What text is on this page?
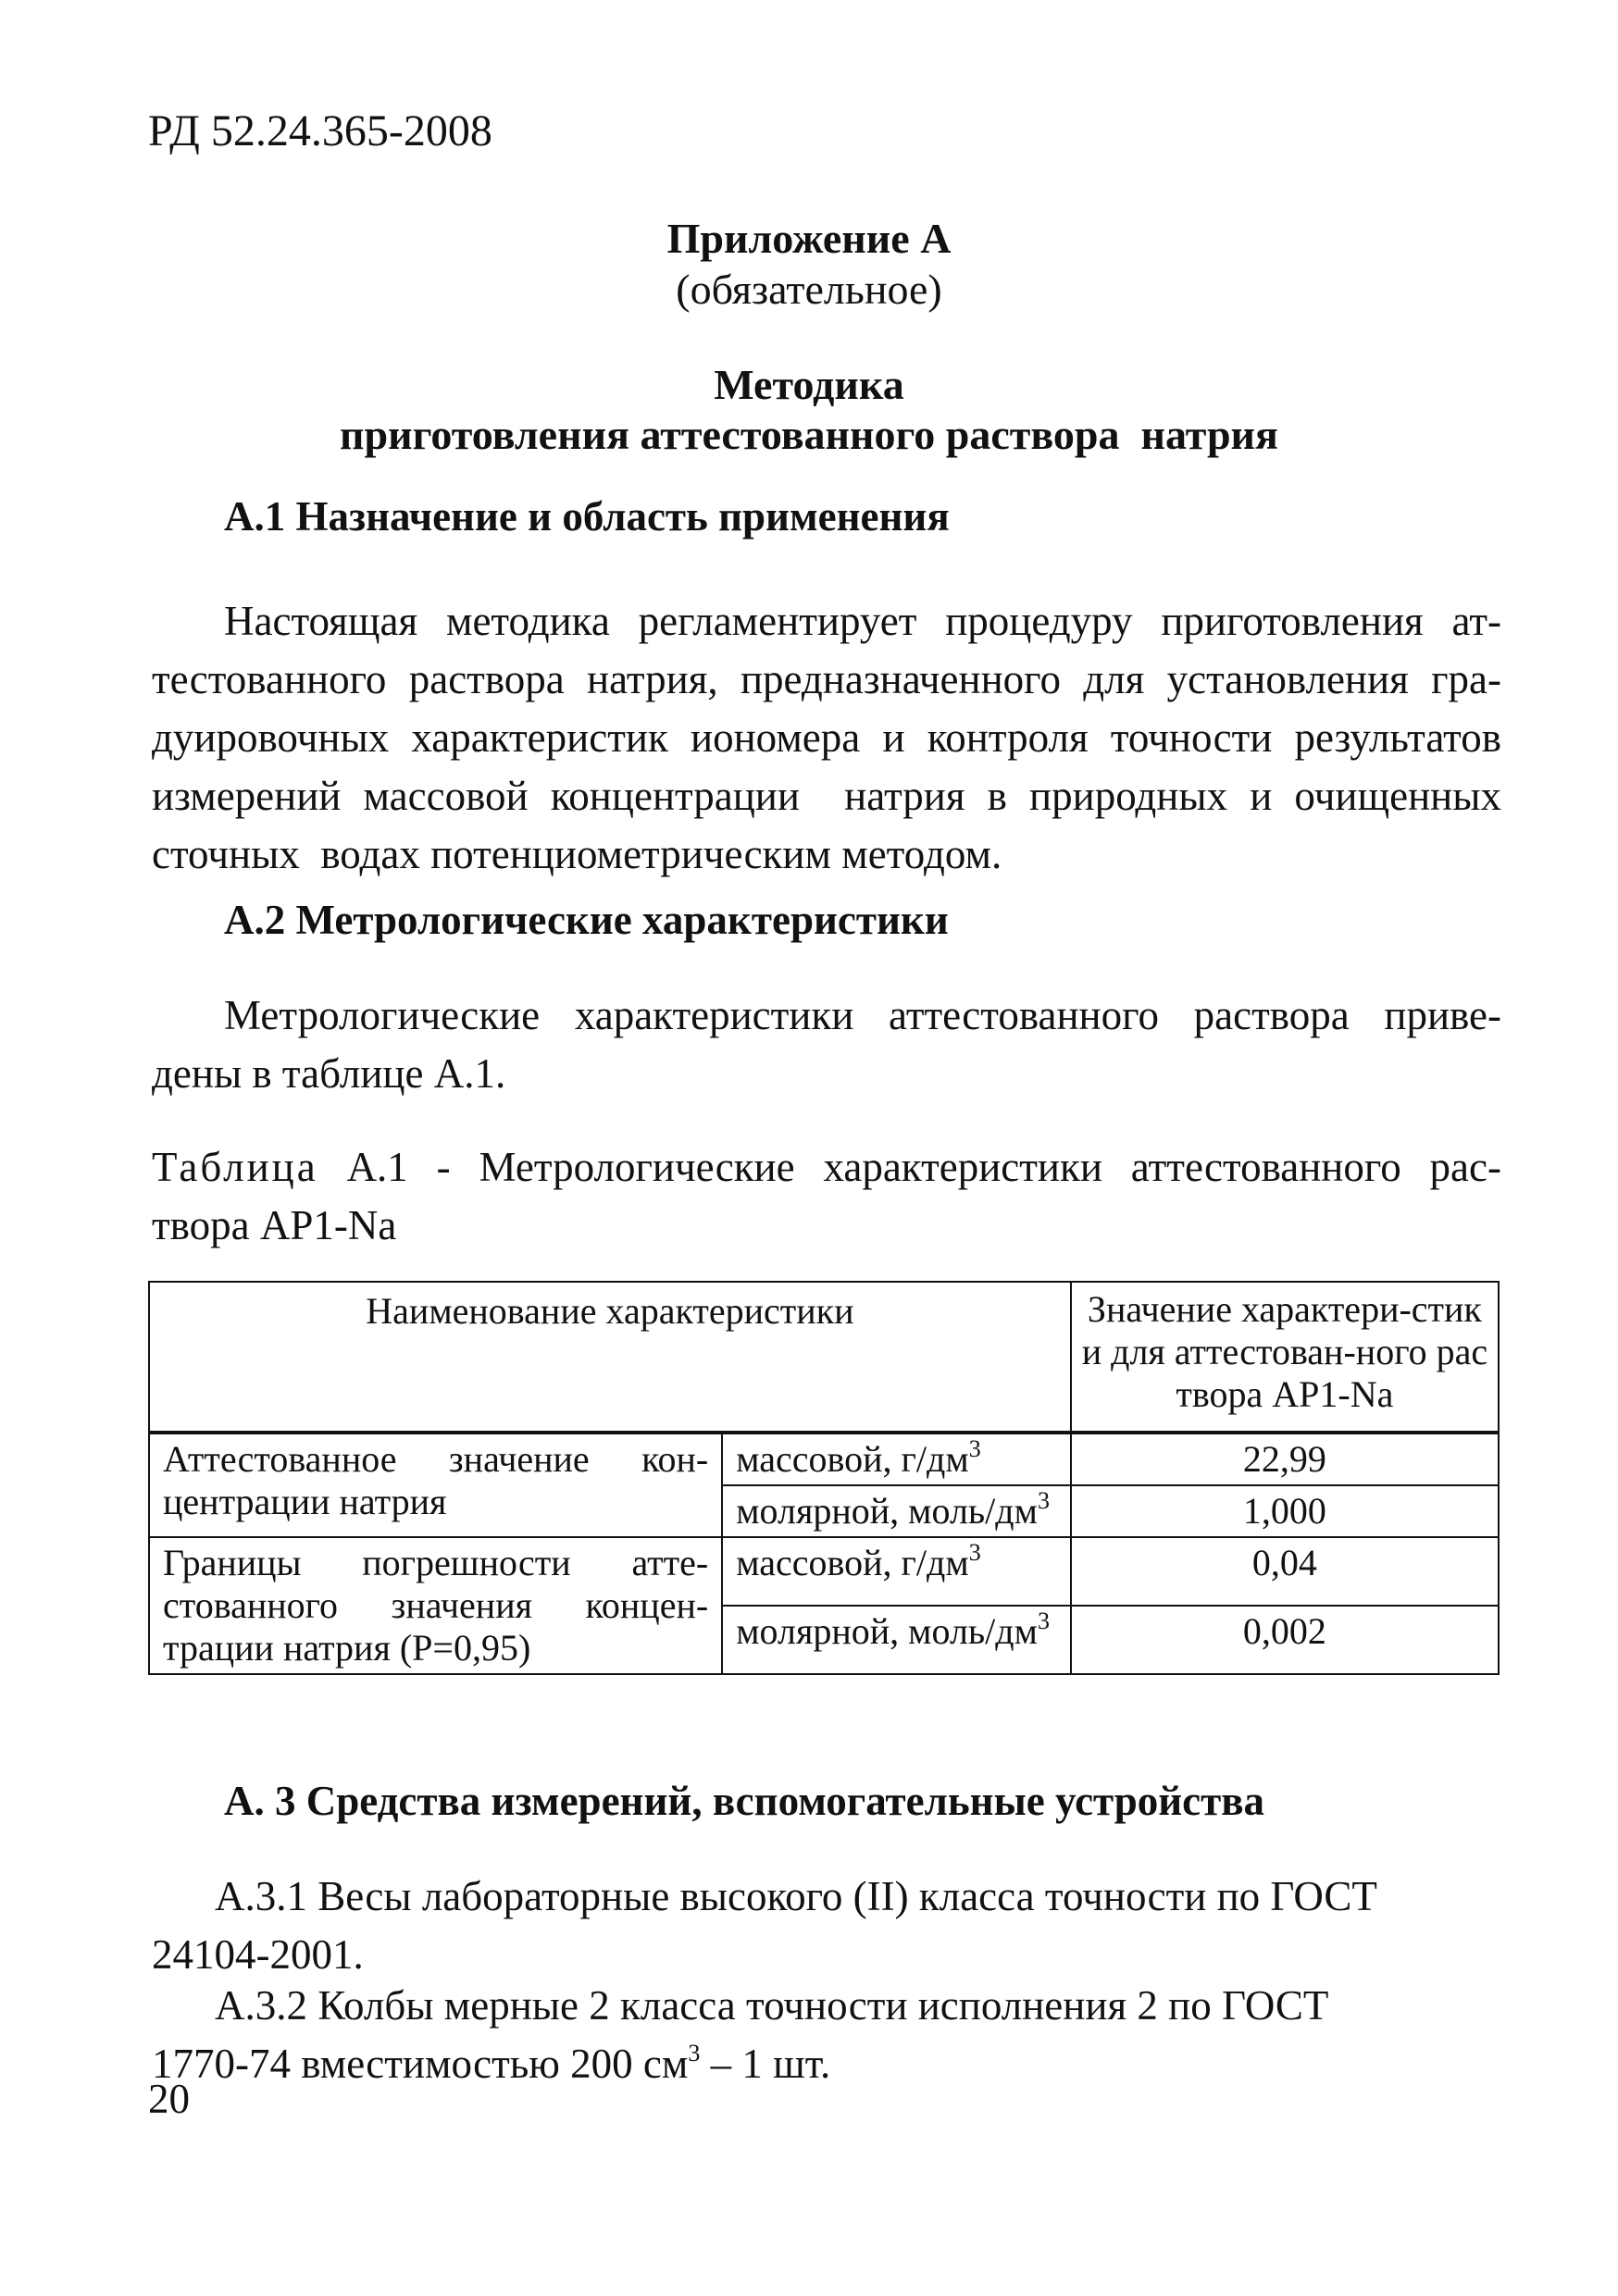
РД 52.24.365-2008
Приложение А
(обязательное)
Методика
приготовления аттестованного раствора  натрия
А.1 Назначение и область применения
Настоящая методика регламентирует процедуру приготовления ат-
тестованного раствора натрия, предназначенного для установления гра-
дуировочных характеристик иономера и контроля точности результатов
измерений массовой концентрации  натрия в природных и очищенных
сточных  водах потенциометрическим методом.
А.2 Метрологические характеристики
Метрологические характеристики аттестованного раствора приве-
дены в таблице А.1.
Таблица А.1 - Метрологические характеристики аттестованного рас-
твора АР1-Na
Наименование характеристики		Значение характери-стики для аттестован-ного раствора АР1-Na

Аттестованное значение кон-центрации натрия	массовой, $г/дм^3$	22,99
	молярной, моль/$дм^3$	1,000
Границы погрешности атте-стованного значения концен-трации натрия (Р=0,95)	массовой, $г/дм^3$	0,04
	молярной, моль/$дм^3$	0,002
А. 3 Средства измерений, вспомогательные устройства
А.3.1 Весы лабораторные высокого (II) класса точности по ГОСТ
24104-2001.
А.3.2 Колбы мерные 2 класса точности исполнения 2 по ГОСТ
1770-74 вместимостью 200 $см^3 - 1$ шт.
20
